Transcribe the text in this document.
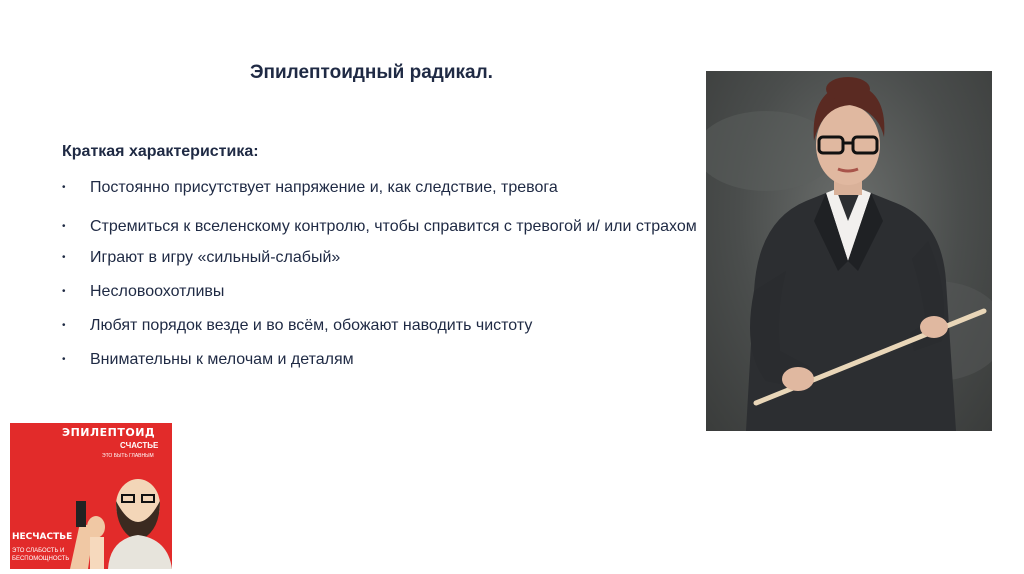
Эпилептоидный радикал.
Краткая характеристика:
• Постоянно присутствует напряжение и, как следствие, тревога
• Стремиться к вселенскому контролю, чтобы справится с тревогой и/ или страхом
• Играют в игру «сильный-слабый»
• Несловоохотливы
• Любят порядок везде и во всём, обожают наводить чистоту
• Внимательны к мелочам и деталям
ЭПИЛЕПТОИД
СЧАСТЬЕ
ЭТО БЫТЬ ГЛАВНЫМ
НЕСЧАСТЬЕ
ЭТО СЛАБОСТЬ И БЕСПОМОЩНОСТЬ
